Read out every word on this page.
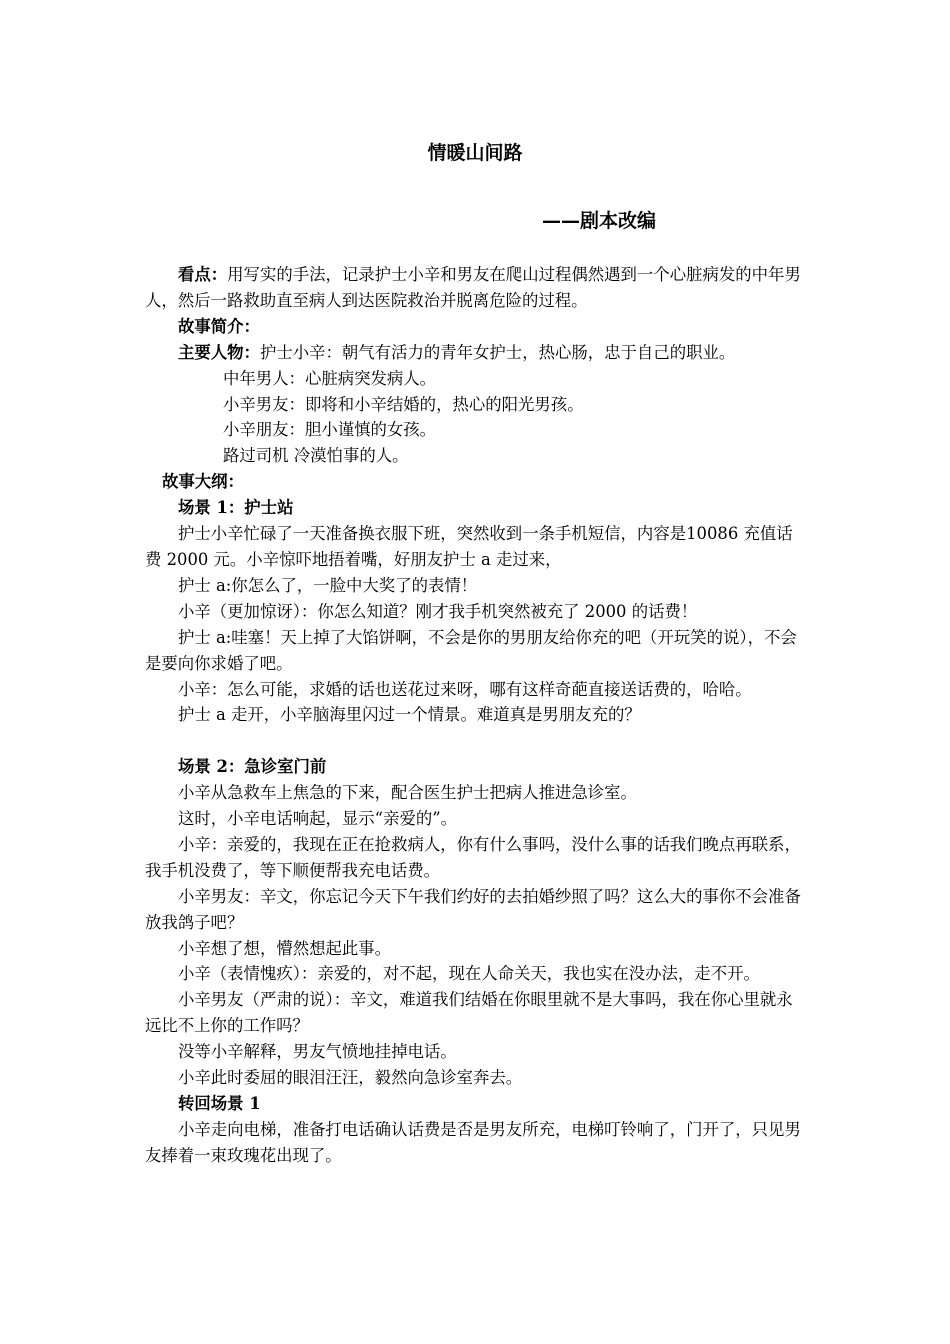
情暖山间路
——剧本改编

看点：用写实的手法，记录护士小辛和男友在爬山过程偶然遇到一个心脏病发的中年男人，然后一路救助直至病人到达医院救治并脱离危险的过程。

故事简介：

主要人物：护士小辛：朝气有活力的青年女护士，热心肠，忠于自己的职业。

中年男人：心脏病突发病人。

小辛男友：即将和小辛结婚的，热心的阳光男孩。

小辛朋友：胆小谨慎的女孩。

路过司机 冷漠怕事的人。

故事大纲：

场景 1：护士站

护士小辛忙碌了一天准备换衣服下班，突然收到一条手机短信，内容是10086 充值话费 2000 元。小辛惊吓地捂着嘴，好朋友护士 a 走过来，

护士 a:你怎么了，一脸中大奖了的表情！

小辛（更加惊讶）：你怎么知道？刚才我手机突然被充了 2000 的话费！

护士 a:哇塞！天上掉了大馅饼啊，不会是你的男朋友给你充的吧（开玩笑的说），不会是要向你求婚了吧。

小辛：怎么可能，求婚的话也送花过来呀，哪有这样奇葩直接送话费的，哈哈。

护士 a 走开，小辛脑海里闪过一个情景。难道真是男朋友充的？

场景 2：急诊室门前

小辛从急救车上焦急的下来，配合医生护士把病人推进急诊室。

这时，小辛电话响起，显示“亲爱的”。

小辛：亲爱的，我现在正在抢救病人，你有什么事吗，没什么事的话我们晚点再联系，我手机没费了，等下顺便帮我充电话费。

小辛男友：辛文，你忘记今天下午我们约好的去拍婚纱照了吗？这么大的事你不会准备放我鸽子吧？

小辛想了想，懵然想起此事。

小辛（表情愧疚）：亲爱的，对不起，现在人命关天，我也实在没办法，走不开。

小辛男友（严肃的说）：辛文，难道我们结婚在你眼里就不是大事吗，我在你心里就永远比不上你的工作吗？

没等小辛解释，男友气愤地挂掉电话。

小辛此时委屈的眼泪汪汪，毅然向急诊室奔去。

转回场景 1

小辛走向电梯，准备打电话确认话费是否是男友所充，电梯叮铃响了，门开了，只见男友捧着一束玫瑰花出现了。
